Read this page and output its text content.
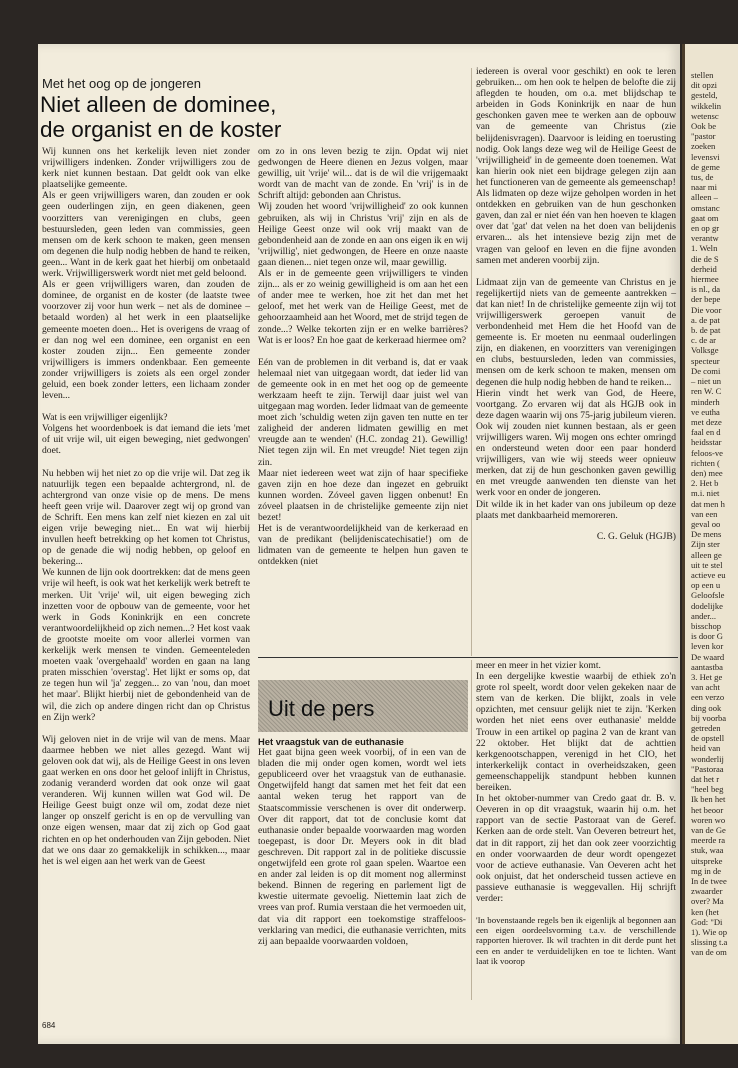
stellen
dit opzi
gesteld,
wikkelin
wetensc
Ook be
"pastor
zoeken
levensvi
de geme
tus, de
naar mi
alleen –
omstanc
gaat om
en op gr
verantw
1. Weln
die de S
derheid
hiermee
is nl., da
der bepe
Die voor
a. de pat
b. de pat
c. de ar
Volksge
specteur
De comi
– niet un
ren W. C
minderh
ve eutha
met deze
faal en d
heidsstar
feloos-ve
richten (
den) mee
2. Het b
m.i. niet
dat men h
van een
geval oo
De mens
Zijn ster
alleen ge
uit te stel
actieve eu
op een u
Geloofsle
dodelijke
ander...
bisschop
is door G
leven kor
De waard
aantastba
3. Het ge
van acht
een verzo
ding ook
bij voorba
getreden
de opstell
heid van
wonderlij
"Pastoraa
dat het r
"heel beg
Ik ben het
het beoor
woren wo
van de Ge
meerde ra
stuk, waa
uitspreke
mg in de
In de twee
zwaarder
over? Ma
ken (het
God: "Di
1). Wie op
slissing t.a
van de om
Met het oog op de jongeren
Niet alleen de dominee,
de organist en de koster

Wij kunnen ons het kerkelijk leven niet zonder vrijwilligers indenken. Zonder vrijwilligers zou de kerk niet kunnen bestaan. Dat geldt ook van elke plaatselijke gemeente.

Als er geen vrijwilligers waren, dan zouden er ook geen ouderlingen zijn, en geen diakenen, geen voorzitters van verenigingen en clubs, geen bestuursleden, geen leden van commissies, geen mensen om de kerk schoon te maken, geen mensen om degenen die hulp nodig hebben de hand te reiken, geen... Want in de kerk gaat het hierbij om onbetaald werk. Vrijwilligerswerk wordt niet met geld beloond.

Als er geen vrijwilligers waren, dan zouden de dominee, de organist en de koster (de laatste twee voorzover zij voor hun werk – net als de dominee – betaald worden) al het werk in een plaatselijke gemeente moeten doen... Het is overigens de vraag of er dan nog wel een dominee, een organist en een koster zouden zijn... Een gemeente zonder vrijwilligers is immers ondenkbaar. Een gemeente zonder vrijwilligers is zoiets als een orgel zonder geluid, een boek zonder letters, een lichaam zonder leven...

Wat is een vrijwilliger eigenlijk?

Volgens het woordenboek is dat iemand die iets 'met of uit vrije wil, uit eigen beweging, niet gedwongen' doet.

Nu hebben wij het niet zo op die vrije wil. Dat zeg ik natuurlijk tegen een bepaalde achtergrond, nl. de achtergrond van onze visie op de mens. De mens heeft geen vrije wil. Daarover zegt wij op grond van de Schrift. Een mens kan zelf niet kiezen en zal uit eigen vrije beweging niet... En wat wij hierbij invullen heeft betrekking op het komen tot Christus, op de genade die wij nodig hebben, op geloof en bekering...

We kunnen de lijn ook doortrekken: dat de mens geen vrije wil heeft, is ook wat het kerkelijk werk betreft te merken. Uit 'vrije' wil, uit eigen beweging zich inzetten voor de opbouw van de gemeente, voor het werk in Gods Koninkrijk en een concrete verantwoordelijkheid op zich nemen...? Het kost vaak de grootste moeite om voor allerlei vormen van kerkelijk werk mensen te vinden. Gemeenteleden moeten vaak 'overgehaald' worden en gaan na lang praten misschien 'overstag'. Het lijkt er soms op, dat ze tegen hun wil 'ja' zeggen... zo van 'nou, dan moet het maar'. Blijkt hierbij niet de gebondenheid van de wil, die zich op andere dingen richt dan op Christus en Zijn werk?

Wij geloven niet in de vrije wil van de mens. Maar daarmee hebben we niet alles gezegd. Want wij geloven ook dat wij, als de Heilige Geest in ons leven gaat werken en ons door het geloof inlijft in Christus, zodanig veranderd worden dat ook onze wil gaat veranderen. Wij kunnen willen wat God wil. De Heilige Geest buigt onze wil om, zodat deze niet langer op onszelf gericht is en op de vervulling van onze eigen wensen, maar dat zij zich op God gaat richten en op het onderhouden van Zijn geboden. Niet dat we ons daar zo gemakkelijk in schikken..., maar het is wel eigen aan het werk van de Geest

om zo in ons leven bezig te zijn. Opdat wij niet gedwongen de Heere dienen en Jezus volgen, maar gewillig, uit 'vrije' wil... dat is de wil die vrijgemaakt wordt van de macht van de zonde. En 'vrij' is in de Schrift altijd: gebonden aan Christus.

Wij zouden het woord 'vrijwilligheid' zo ook kunnen gebruiken, als wij in Christus 'vrij' zijn en als de Heilige Geest onze wil ook vrij maakt van de gebondenheid aan de zonde en aan ons eigen ik en wij 'vrijwillig', niet gedwongen, de Heere en onze naaste gaan dienen... niet tegen onze wil, maar gewillig.

Als er in de gemeente geen vrijwilligers te vinden zijn... als er zo weinig gewilligheid is om aan het een of ander mee te werken, hoe zit het dan met het geloof, met het werk van de Heilige Geest, met de gehoorzaamheid aan het Woord, met de strijd tegen de zonde...? Welke tekorten zijn er en welke barrières? Wat is er loos? En hoe gaat de kerkeraad hiermee om?

Eén van de problemen in dit verband is, dat er vaak helemaal niet van uitgegaan wordt, dat ieder lid van de gemeente ook in en met het oog op de gemeente werkzaam heeft te zijn. Terwijl daar juist wel van uitgegaan mag worden. Ieder lidmaat van de gemeente moet zich 'schuldig weten zijn gaven ten nutte en ter zaligheid der anderen lidmaten gewillig en met vreugde aan te wenden' (H.C. zondag 21). Gewillig! Niet tegen zijn wil. En met vreugde! Niet tegen zijn zin.

Maar niet iedereen weet wat zijn of haar specifieke gaven zijn en hoe deze dan ingezet en gebruikt kunnen worden. Zóveel gaven liggen onbenut! En zóveel plaatsen in de christelijke gemeente zijn niet bezet!

Het is de verantwoordelijkheid van de kerkeraad en van de predikant (belijdeniscatechisatie!) om de lidmaten van de gemeente te helpen hun gaven te ontdekken (niet

iedereen is overal voor geschikt) en ook te leren gebruiken... om hen ook te helpen de belofte die zij aflegden te houden, om o.a. met blijdschap te arbeiden in Gods Koninkrijk en naar de hun geschonken gaven mee te werken aan de opbouw van de gemeente van Christus (zie belijdenisvragen). Daarvoor is leiding en toerusting nodig. Ook langs deze weg wil de Heilige Geest de 'vrijwilligheid' in de gemeente doen toenemen. Wat kan hierin ook niet een bijdrage gelegen zijn aan het functioneren van de gemeente als gemeenschap!

Als lidmaten op deze wijze geholpen worden in het ontdekken en gebruiken van de hun geschonken gaven, dan zal er niet één van hen hoeven te klagen over dat 'gat' dat velen na het doen van belijdenis ervaren... als het intensieve bezig zijn met de vragen van geloof en leven en die fijne avonden samen met anderen voorbij zijn.

Lidmaat zijn van de gemeente van Christus en je regelijkertijd niets van de gemeente aantrekken – dat kan niet! In de christelijke gemeente zijn wij tot vrijwilligerswerk geroepen vanuit de verbondenheid met Hem die het Hoofd van de gemeente is. Er moeten nu eenmaal ouderlingen zijn, en diakenen, en voorzitters van verenigingen en clubs, bestuursleden, leden van commissies, mensen om de kerk schoon te maken, mensen om degenen die hulp nodig hebben de hand te reiken...

Hierin vindt het werk van God, de Heere, voortgang. Zo ervaren wij dat als HGJB ook in deze dagen waarin wij ons 75-jarig jubileum vieren. Ook wij zouden niet kunnen bestaan, als er geen vrijwilligers waren. Wij mogen ons echter omringd en ondersteund weten door een paar honderd vrijwilligers, van wie wij steeds weer opnieuw merken, dat zij de hun geschonken gaven gewillig en met vreugde aanwenden ten dienste van het werk voor en onder de jongeren.

Dit wilde ik in het kader van ons jubileum op deze plaats met dankbaarheid memoreren.

C. G. Geluk (HGJB)

Uit de pers

Het vraagstuk van de euthanasie

Het gaat bijna geen week voorbij, of in een van de bladen die mij onder ogen komen, wordt wel iets gepubliceerd over het vraagstuk van de euthanasie. Ongetwijfeld hangt dat samen met het feit dat een aantal weken terug het rapport van de Staatscommissie verschenen is over dit onderwerp. Over dit rapport, dat tot de conclusie komt dat euthanasie onder bepaalde voorwaarden mag worden toegepast, is door Dr. Meyers ook in dit blad geschreven. Dit rapport zal in de politieke discussie ongetwijfeld een grote rol gaan spelen. Waartoe een en ander zal leiden is op dit moment nog allerminst bekend. Binnen de regering en parlement ligt de kwestie uitermate gevoelig. Niettemin laat zich de vrees van prof. Rumia verstaan die het vermoeden uit, dat via dit rapport een toekomstige straffeloos-verklaring van medici, die euthanasie verrichten, mits zij aan bepaalde voorwaarden voldoen,

meer en meer in het vizier komt.

In een dergelijke kwestie waarbij de ethiek zo'n grote rol speelt, wordt door velen gekeken naar de stem van de kerken. Die blijkt, zoals in vele opzichten, met censuur gelijk niet te zijn. 'Kerken worden het niet eens over euthanasie' meldde Trouw in een artikel op pagina 2 van de krant van 22 oktober. Het blijkt dat de achttien kerkgenootschappen, verenigd in het CIO, het interkerkelijk contact in overheidszaken, geen gemeenschappelijk standpunt hebben kunnen bereiken.

In het oktober-nummer van Credo gaat dr. B. v. Oeveren in op dit vraagstuk, waarin hij o.m. het rapport van de sectie Pastoraat van de Geref. Kerken aan de orde stelt. Van Oeveren betreurt het, dat in dit rapport, zij het dan ook zeer voorzichtig en onder voorwaarden de deur wordt opengezet voor de actieve euthanasie. Van Oeveren acht het ook onjuist, dat het onderscheid tussen actieve en passieve euthanasie is weggevallen. Hij schrijft verder:

'In bovenstaande regels ben ik eigenlijk al begonnen aan een eigen oordeelsvorming t.a.v. de verschillende rapporten hierover. Ik wil trachten in dit derde punt het een en ander te verduidelijken en toe te lichten. Want laat ik voorop

684
